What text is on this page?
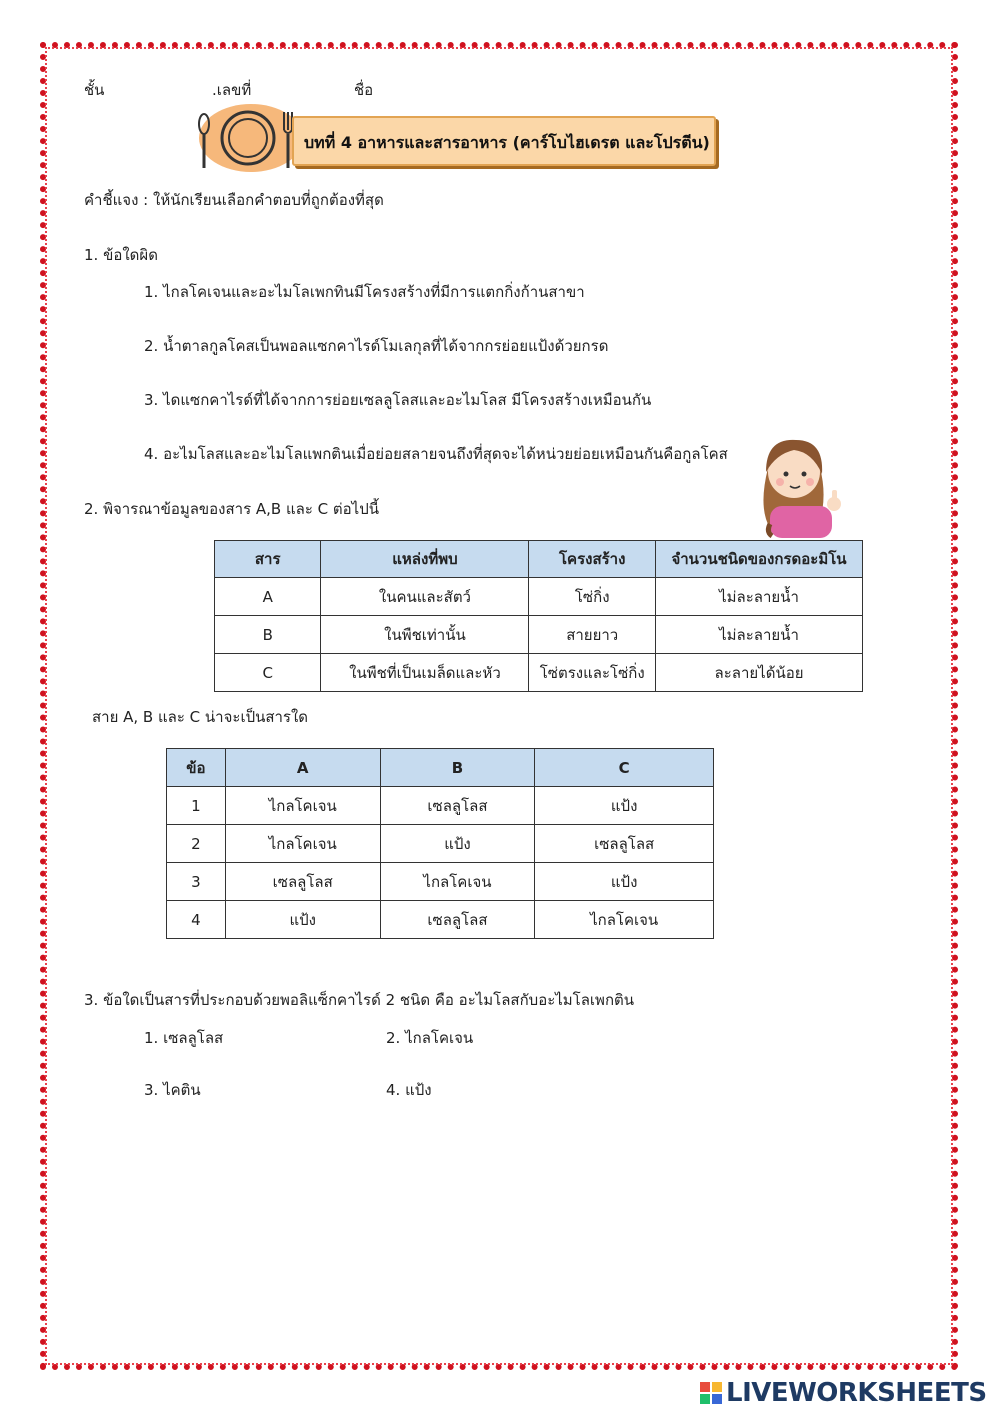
ชั้น	.เลขที่	ชื่อ
บทที่ 4 อาหารและสารอาหาร (คาร์โบไฮเดรต และโปรตีน)
คำชี้แจง : ให้นักเรียนเลือกคำตอบที่ถูกต้องที่สุด
1. ข้อใดผิด
1. ไกลโคเจนและอะไมโลเพกทินมีโครงสร้างที่มีการแตกกิ่งก้านสาขา
2. น้ำตาลกูลโคสเป็นพอลแซกคาไรด์โมเลกุลที่ได้จากกรย่อยแป้งด้วยกรด
3. ไดแซกคาไรด์ที่ได้จากการย่อยเซลลูโลสและอะไมโลส มีโครงสร้างเหมือนกัน
4. อะไมโลสและอะไมโลแพกตินเมื่อย่อยสลายจนถึงที่สุดจะได้หน่วยย่อยเหมือนกันคือกูลโคส
2. พิจารณาข้อมูลของสาร A,B และ C ต่อไปนี้
สาร	แหล่งที่พบ	โครงสร้าง	จำนวนชนิดของกรดอะมิโน
A	ในคนและสัตว์	โซ่กิ่ง	ไม่ละลายน้ำ
B	ในพืชเท่านั้น	สายยาว	ไม่ละลายน้ำ
C	ในพืชที่เป็นเมล็ดและหัว	โซ่ตรงและโซ่กิ่ง	ละลายได้น้อย
สาย A, B และ C น่าจะเป็นสารใด
ข้อ	A	B	C
1	ไกลโคเจน	เซลลูโลส	แป้ง
2	ไกลโคเจน	แป้ง	เซลลูโลส
3	เซลลูโลส	ไกลโคเจน	แป้ง
4	แป้ง	เซลลูโลส	ไกลโคเจน
3. ข้อใดเป็นสารที่ประกอบด้วยพอลิแซ็กคาไรด์ 2 ชนิด คือ อะไมโลสกับอะไมโลเพกติน
1. เซลลูโลส	2. ไกลโคเจน
3. ไคติน	4. แป้ง
LIVEWORKSHEETS
